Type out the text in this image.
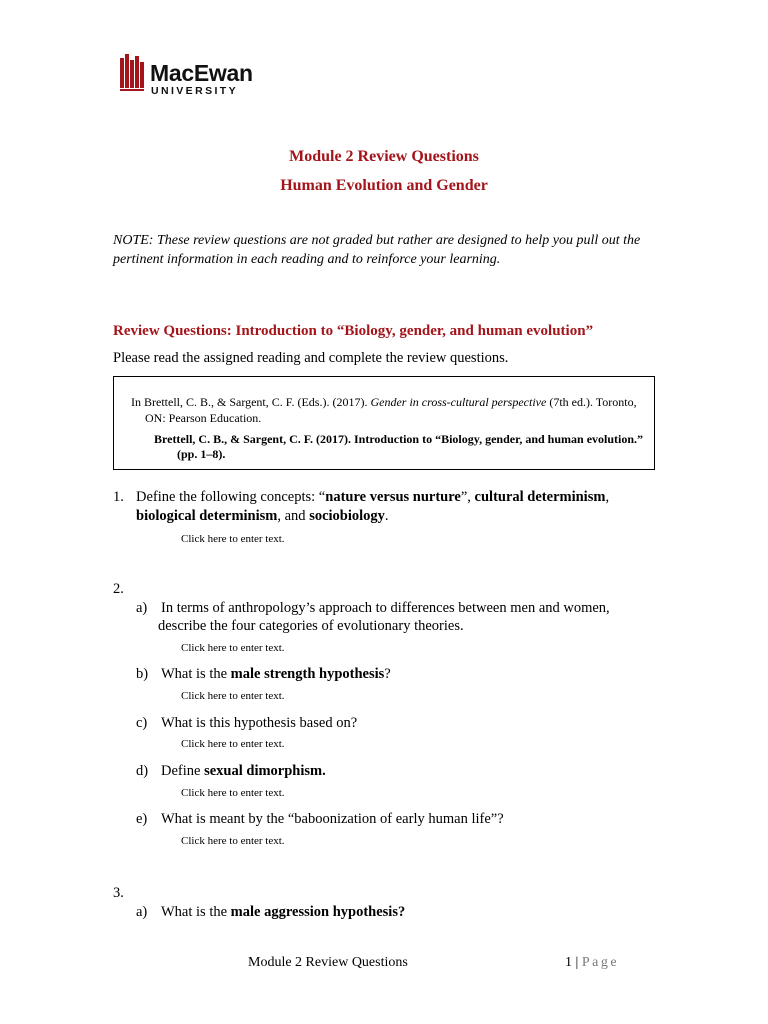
MacEwan
UNIVERSITY
Module 2 Review Questions
Human Evolution and Gender
NOTE: These review questions are not graded but rather are designed to help you pull out the pertinent information in each reading and to reinforce your learning.
Review Questions: Introduction to “Biology, gender, and human evolution”
Please read the assigned reading and complete the review questions.
In Brettell, C. B., & Sargent, C. F. (Eds.). (2017). Gender in cross-cultural perspective (7th ed.). Toronto, ON: Pearson Education.
Brettell, C. B., & Sargent, C. F. (2017). Introduction to “Biology, gender, and human evolution.” (pp. 1–8).
1. Define the following concepts: “nature versus nurture”, cultural determinism, biological determinism, and sociobiology.
Click here to enter text.
2.
a) In terms of anthropology’s approach to differences between men and women,
describe the four categories of evolutionary theories.
Click here to enter text.
b) What is the male strength hypothesis?
Click here to enter text.
c) What is this hypothesis based on?
Click here to enter text.
d) Define sexual dimorphism.
Click here to enter text.
e) What is meant by the “baboonization of early human life”?
Click here to enter text.
3.
a) What is the male aggression hypothesis?
Module 2 Review Questions	1 | Page
